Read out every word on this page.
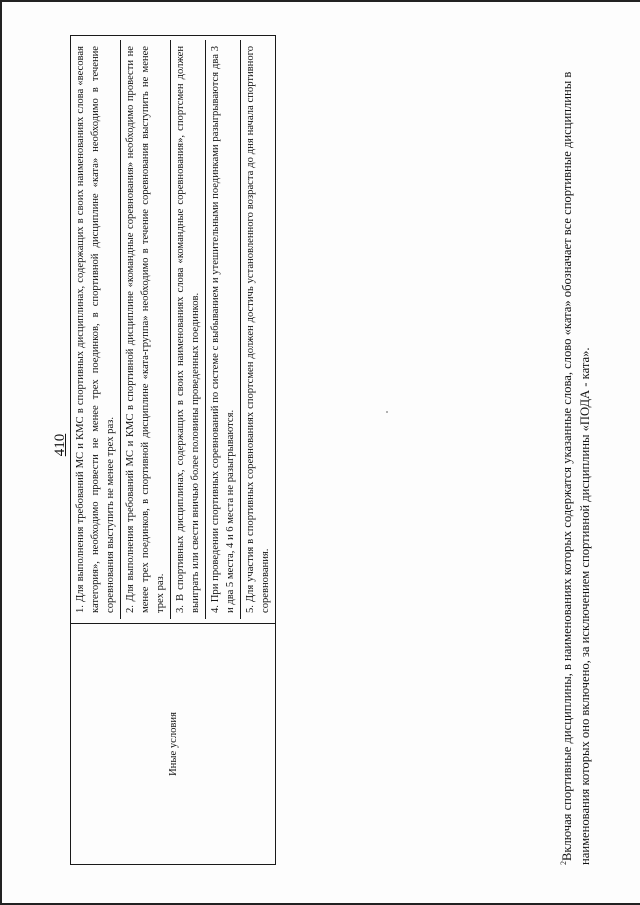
410
Иные условия	
1. Для выполнения требований МС и КМС в спортивных дисциплинах, содержащих в своих наименованиях слова «весовая категория», необходимо провести не менее трех поединков, в спортивной дисциплине «ката» необходимо в течение соревнования выступить не менее трех раз. 2. Для выполнения требований МС и КМС в спортивной дисциплине «командные соревнования» необходимо провести не менее трех поединков, в спортивной дисциплине «ката-группа» необходимо в течение соревнования выступить не менее трех раз. 3. В спортивных дисциплинах, содержащих в своих наименованиях слова «командные соревнования», спортсмен должен выиграть или свести вничью более половины проведенных поединков. 4. При проведении спортивных соревнований по системе с выбыванием и утешительными поединками разыгрываются два 3 и два 5 места, 4 и 6 места не разыгрываются. 5. Для участия в спортивных соревнованиях спортсмен должен достичь установленного возраста до дня начала спортивного соревнования.
$^2$Включая спортивные дисциплины, в наименованиях которых содержатся указанные слова, слово «ката» обозначает все спортивные дисциплины в наименования которых оно включено, за исключением спортивной дисциплины «ПОДА - ката».
